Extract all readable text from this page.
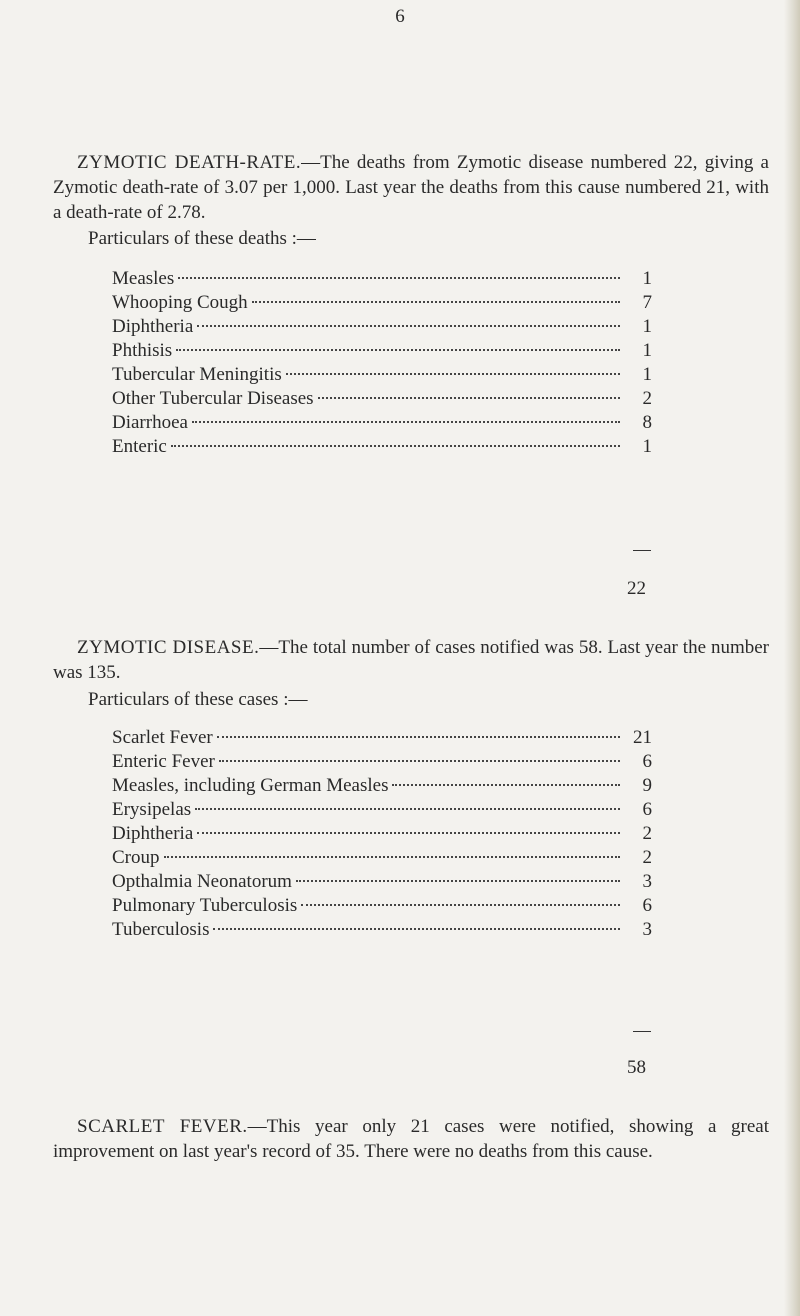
6
ZYMOTIC DEATH-RATE.—The deaths from Zymotic disease numbered 22, giving a Zymotic death-rate of 3.07 per 1,000. Last year the deaths from this cause numbered 21, with a death-rate of 2.78.
Particulars of these deaths :—
Measles	1
Whooping Cough	7
Diphtheria	1
Phthisis	1
Tubercular Meningitis	1
Other Tubercular Diseases	2
Diarrhoea	8
Enteric	1
22
ZYMOTIC DISEASE.—The total number of cases notified was 58. Last year the number was 135.
Particulars of these cases :—
Scarlet Fever	21
Enteric Fever	6
Measles, including German Measles	9
Erysipelas	6
Diphtheria	2
Croup	2
Opthalmia Neonatorum	3
Pulmonary Tuberculosis	6
Tuberculosis	3
58
SCARLET FEVER.—This year only 21 cases were notified, showing a great improvement on last year's record of 35. There were no deaths from this cause.
